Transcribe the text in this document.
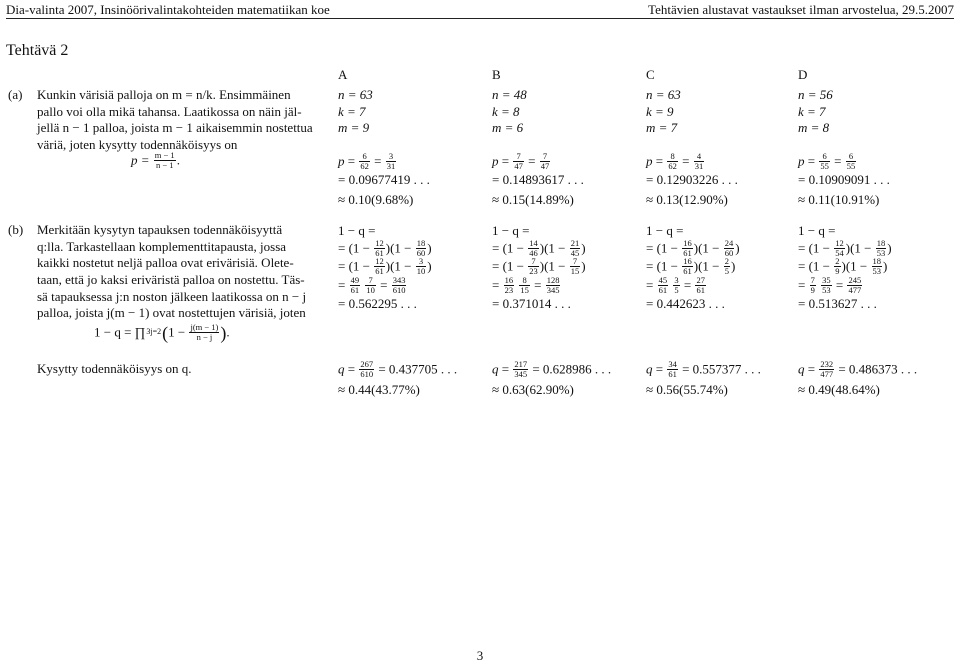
Dia-valinta 2007, Insinöörivalintakohteiden matematiikan koe	Tehtävien alustavat vastaukset ilman arvostelua, 29.5.2007
Tehtävä 2
(a) Kunkin värisiä palloja on m = n/k. Ensimmäinen
pallo voi olla mikä tahansa. Laatikossa on näin jäl-
jellä n − 1 palloa, joista m − 1 aikaisemmin nostettua
väriä, joten kysytty todennäköisyys on
$p = \frac{m - 1}{n - 1}$ .
(b) Merkitään kysytyn tapauksen todennäköisyyttä
q:lla. Tarkastellaan komplementtitapausta, jossa
kaikki nostetut neljä palloa ovat erivärisiä. Olete-
taan, että jo kaksi eriväristä palloa on nostettu. Täs-
sä tapauksessa j:n noston jälkeen laatikossa on n − j
palloa, joista j(m − 1) ovat nostettujen värisiä, joten
1 − q = ∏3j=2(1 − $\frac{j(m - 1)}{n - j}$ ).
Kysytty todennäköisyys on q.
A
n = 63
k = 7
m = 9
$p = \frac{6}{62} = \frac{3}{31}$
= 0.09677419 . . .
≈ 0.10(9.68%)
1 − q =
= $(1 - \frac{12}{61} )(1 - \frac{18}{60}$ )
= $(1 - \frac{12}{61} )(1 - \frac{3}{10}$ )
= $\frac{49}{61}$
$\frac{7}{10} = \frac{343}{610}$
= 0.562295 . . .
$q = \frac{267}{610} = 0.437705$ . . .
≈ 0.44(43.77%)
B
n = 48
k = 8
m = 6
$p = \frac{7}{47} = \frac{7}{47}$
= 0.14893617 . . .
≈ 0.15(14.89%)
1 − q =
= $(1 - \frac{14}{46} )(1 - \frac{21}{45}$ )
= $(1 - \frac{7}{23} )(1 - \frac{7}{15}$ )
= $\frac{16}{23}$
$\frac{8}{15} = \frac{128}{345}$
= 0.371014 . . .
$q = \frac{217}{345} = 0.628986$ . . .
≈ 0.63(62.90%)
C
n = 63
k = 9
m = 7
$p = \frac{8}{62} = \frac{4}{31}$
= 0.12903226 . . .
≈ 0.13(12.90%)
1 − q =
= $(1 - \frac{16}{61} )(1 - \frac{24}{60}$ )
= $(1 - \frac{16}{61} )(1 - \frac{2}{5}$ )
= $\frac{45}{61}$
$\frac{3}{5} = \frac{27}{61}$
= 0.442623 . . .
$q = \frac{34}{61} = 0.557377$ . . .
≈ 0.56(55.74%)
D
n = 56
k = 7
m = 8
$p = \frac{6}{55} = \frac{6}{55}$
= 0.10909091 . . .
≈ 0.11(10.91%)
1 − q =
= $(1 - \frac{12}{54} )(1 - \frac{18}{53}$ )
= $(1 - \frac{2}{9} )(1 - \frac{18}{53}$ )
= $\frac{7}{9}$
$\frac{35}{53} = \frac{245}{477}$
= 0.513627 . . .
$q = \frac{232}{477} = 0.486373$ . . .
≈ 0.49(48.64%)
3
